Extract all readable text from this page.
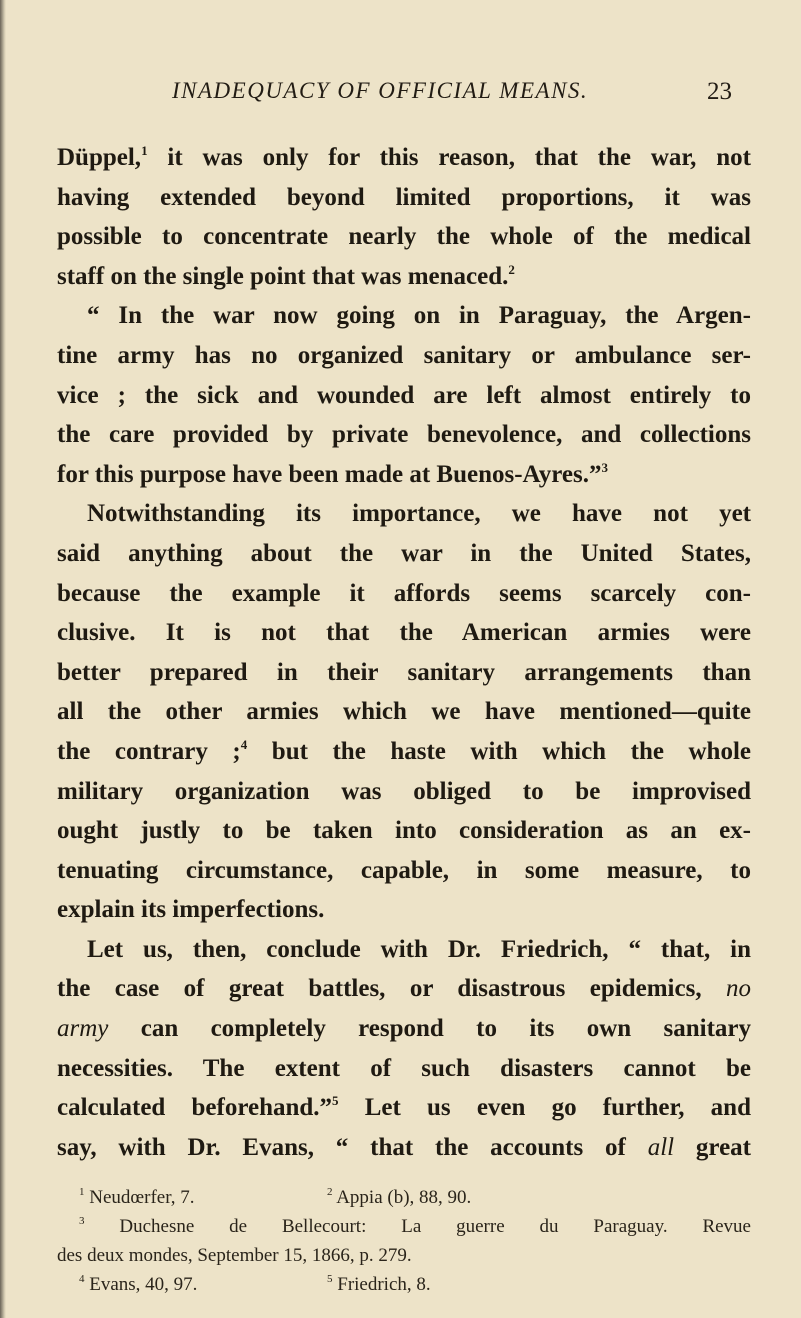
INADEQUACY OF OFFICIAL MEANS.	23
Düppel,$^1$ it was only for this reason, that the war, not
having extended beyond limited proportions, it was
possible to concentrate nearly the whole of the medical
staff on the single point that was menaced.$^2$
“ In the war now going on in Paraguay, the Argen-
tine army has no organized sanitary or ambulance ser-
vice ; the sick and wounded are left almost entirely to
the care provided by private benevolence, and collections
for this purpose have been made at Buenos-Ayres.”$^3$
Notwithstanding its importance, we have not yet
said anything about the war in the United States,
because the example it affords seems scarcely con-
clusive. It is not that the American armies were
better prepared in their sanitary arrangements than
all the other armies which we have mentioned—quite
the contrary ;$^4$ but the haste with which the whole
military organization was obliged to be improvised
ought justly to be taken into consideration as an ex-
tenuating circumstance, capable, in some measure, to
explain its imperfections.
Let us, then, conclude with Dr. Friedrich, “ that, in
the case of great battles, or disastrous epidemics, no
army can completely respond to its own sanitary
necessities. The extent of such disasters cannot be
calculated beforehand.”$^5$ Let us even go further, and
say, with Dr. Evans, “ that the accounts of all great
$^1$ Neudœrfer, 7.	$^2$ Appia (b), 88, 90.
$^3$ Duchesne de Bellecourt: La guerre du Paraguay. Revue
des deux mondes, September 15, 1866, p. 279.
$^4$ Evans, 40, 97.	$^5$ Friedrich, 8.
